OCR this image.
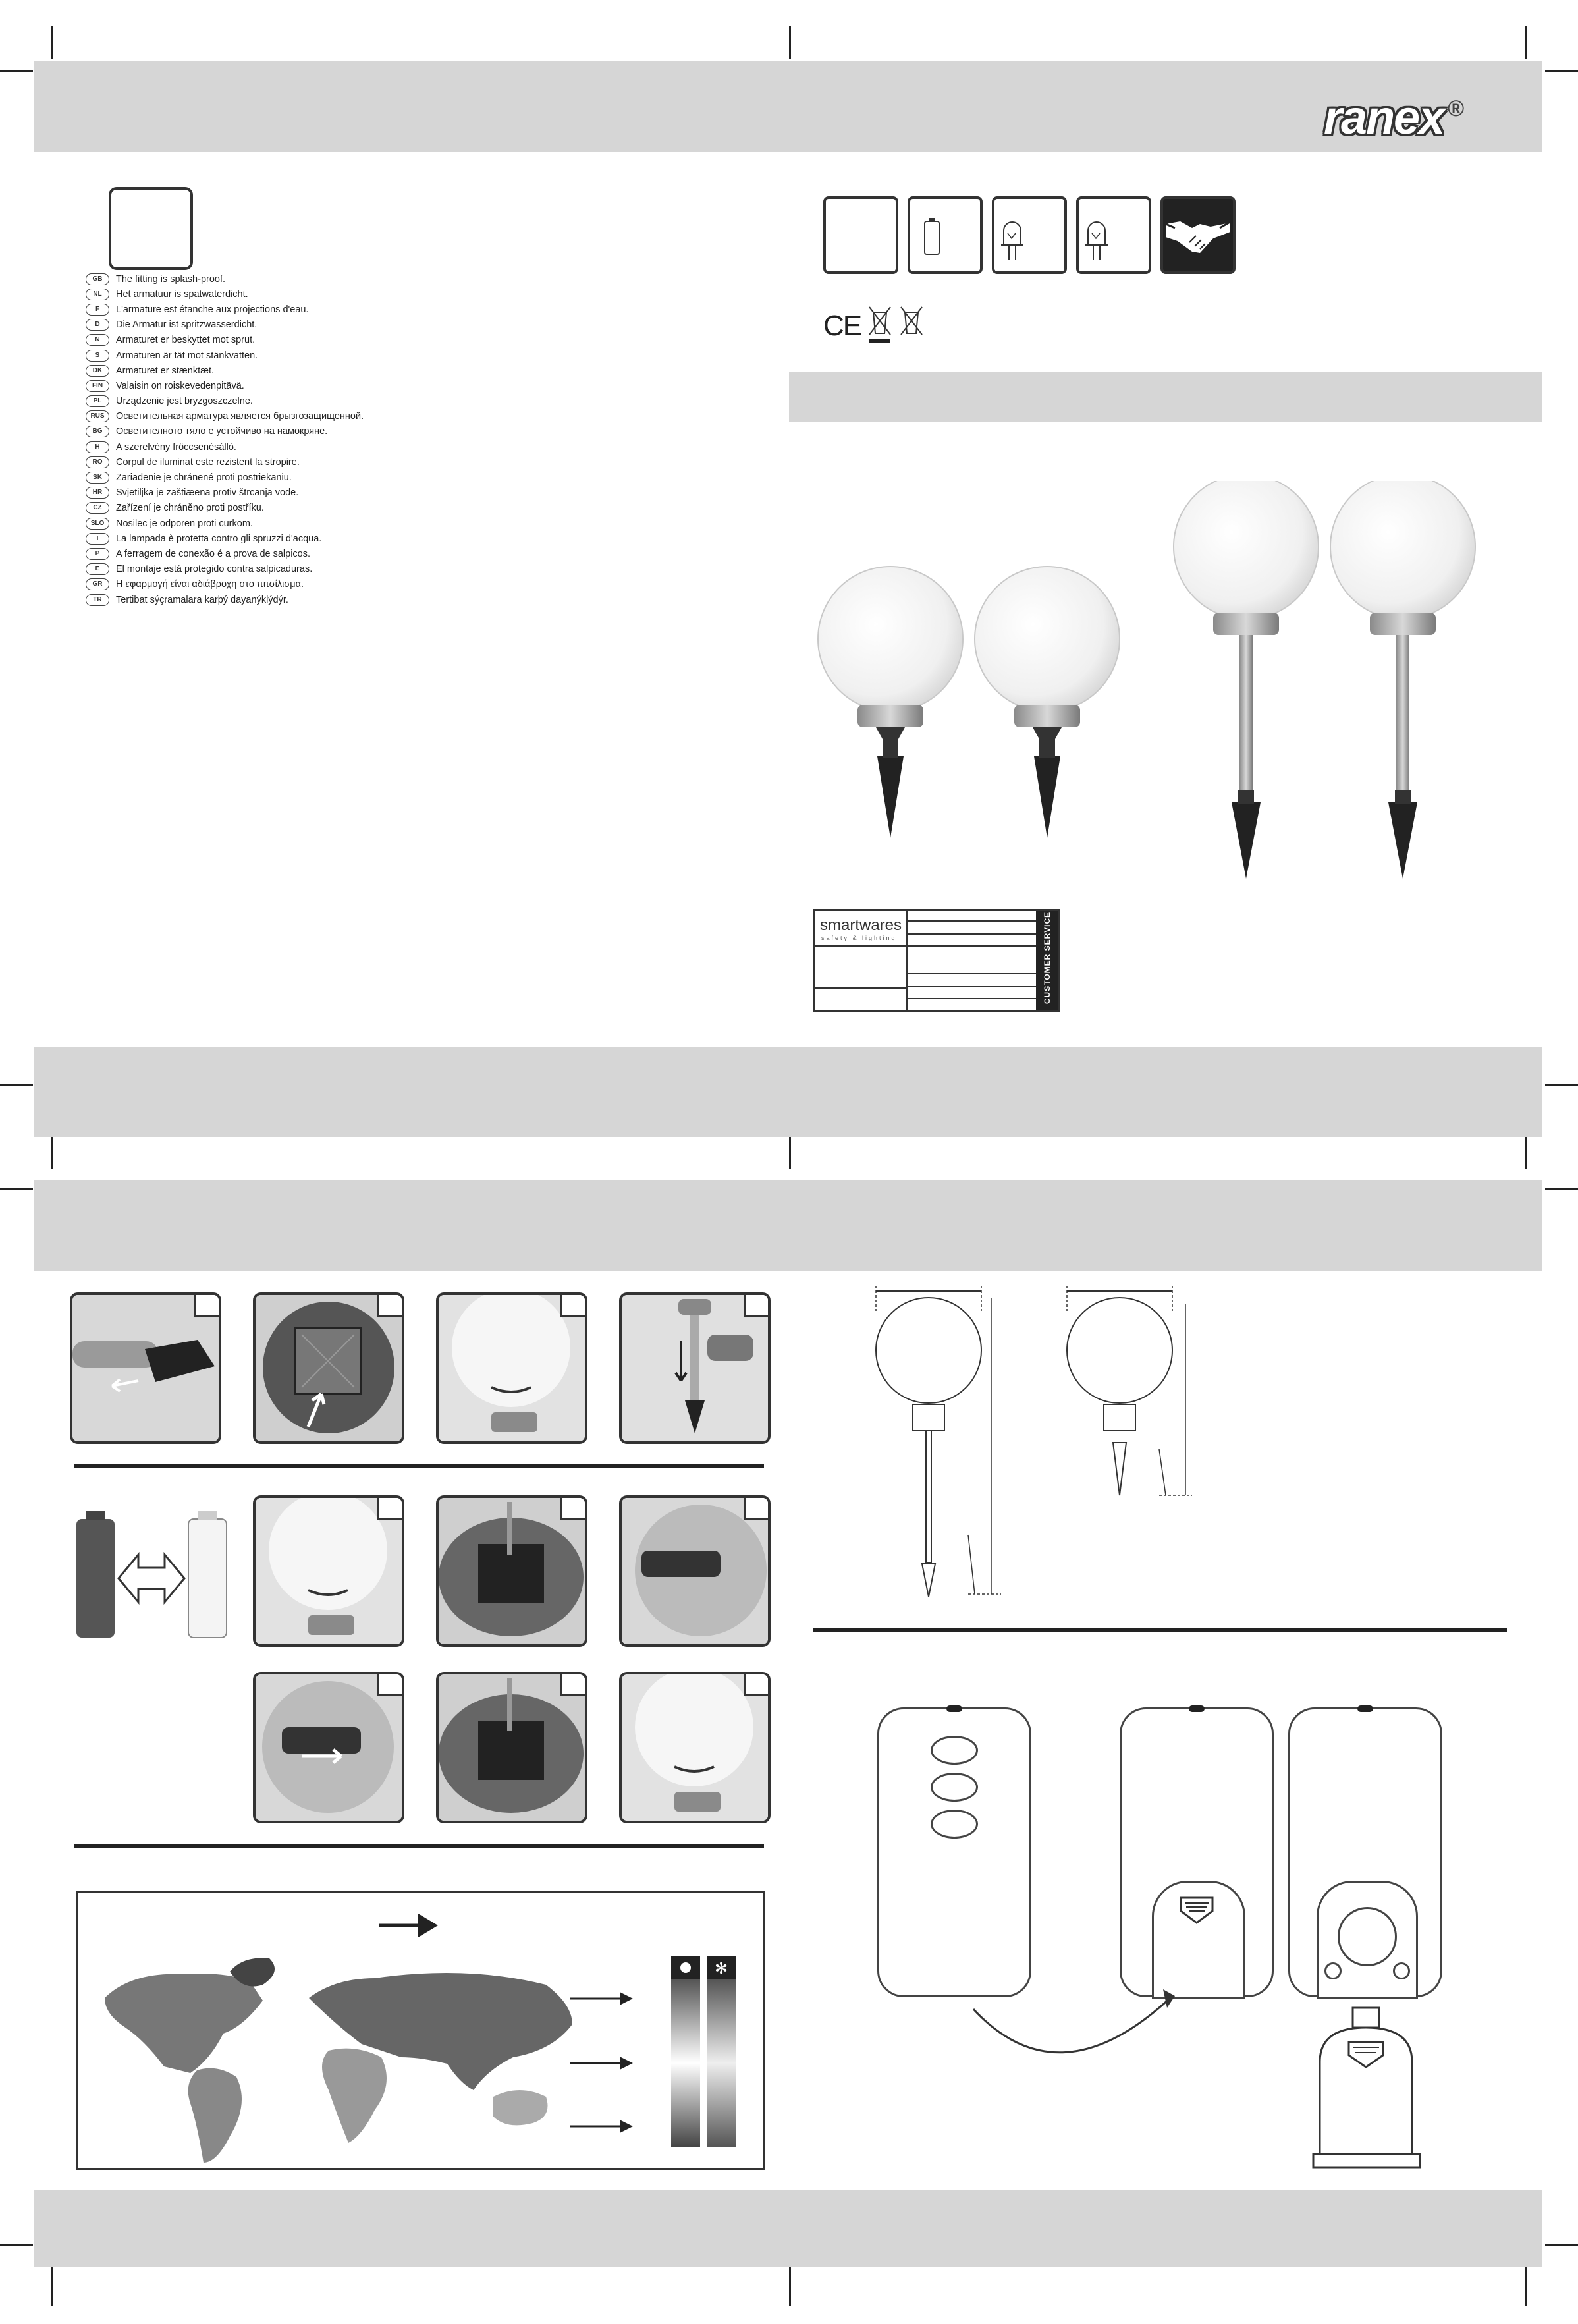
ranex ®
GB	The fitting is splash-proof.
NL	Het armatuur is spatwaterdicht.
F	L'armature est étanche aux projections d'eau.
D	Die Armatur ist spritzwasserdicht.
N	Armaturet er beskyttet mot sprut.
S	Armaturen är tät mot stänkvatten.
DK	Armaturet er stænktæt.
FIN	Valaisin on roiskevedenpitävä.
PL	Urządzenie jest bryzgoszczelne.
RUS	Осветительная арматура является брызгозащищенной.
BG	Осветителното тяло е устойчиво на намокряне.
H	A szerelvény fröccsenésálló.
RO	Corpul de iluminat este rezistent la stropire.
SK	Zariadenie je chránené proti postriekaniu.
HR	Svjetiljka je zaštiæena protiv štrcanja vode.
CZ	Zařízení je chráněno proti postříku.
SLO	Nosilec je odporen proti curkom.
I	La lampada è protetta contro gli spruzzi d'acqua.
P	A ferragem de conexão é a prova de salpicos.
E	El montaje está protegido contra salpicaduras.
GR	Η εφαρμογή είναι αδιάβροχη στο πιτσίλισμα.
TR	Tertibat sýçramalara karþý dayanýklýdýr.
CE
smartwares
safety & lighting	CUSTOMER SERVICE
✻
